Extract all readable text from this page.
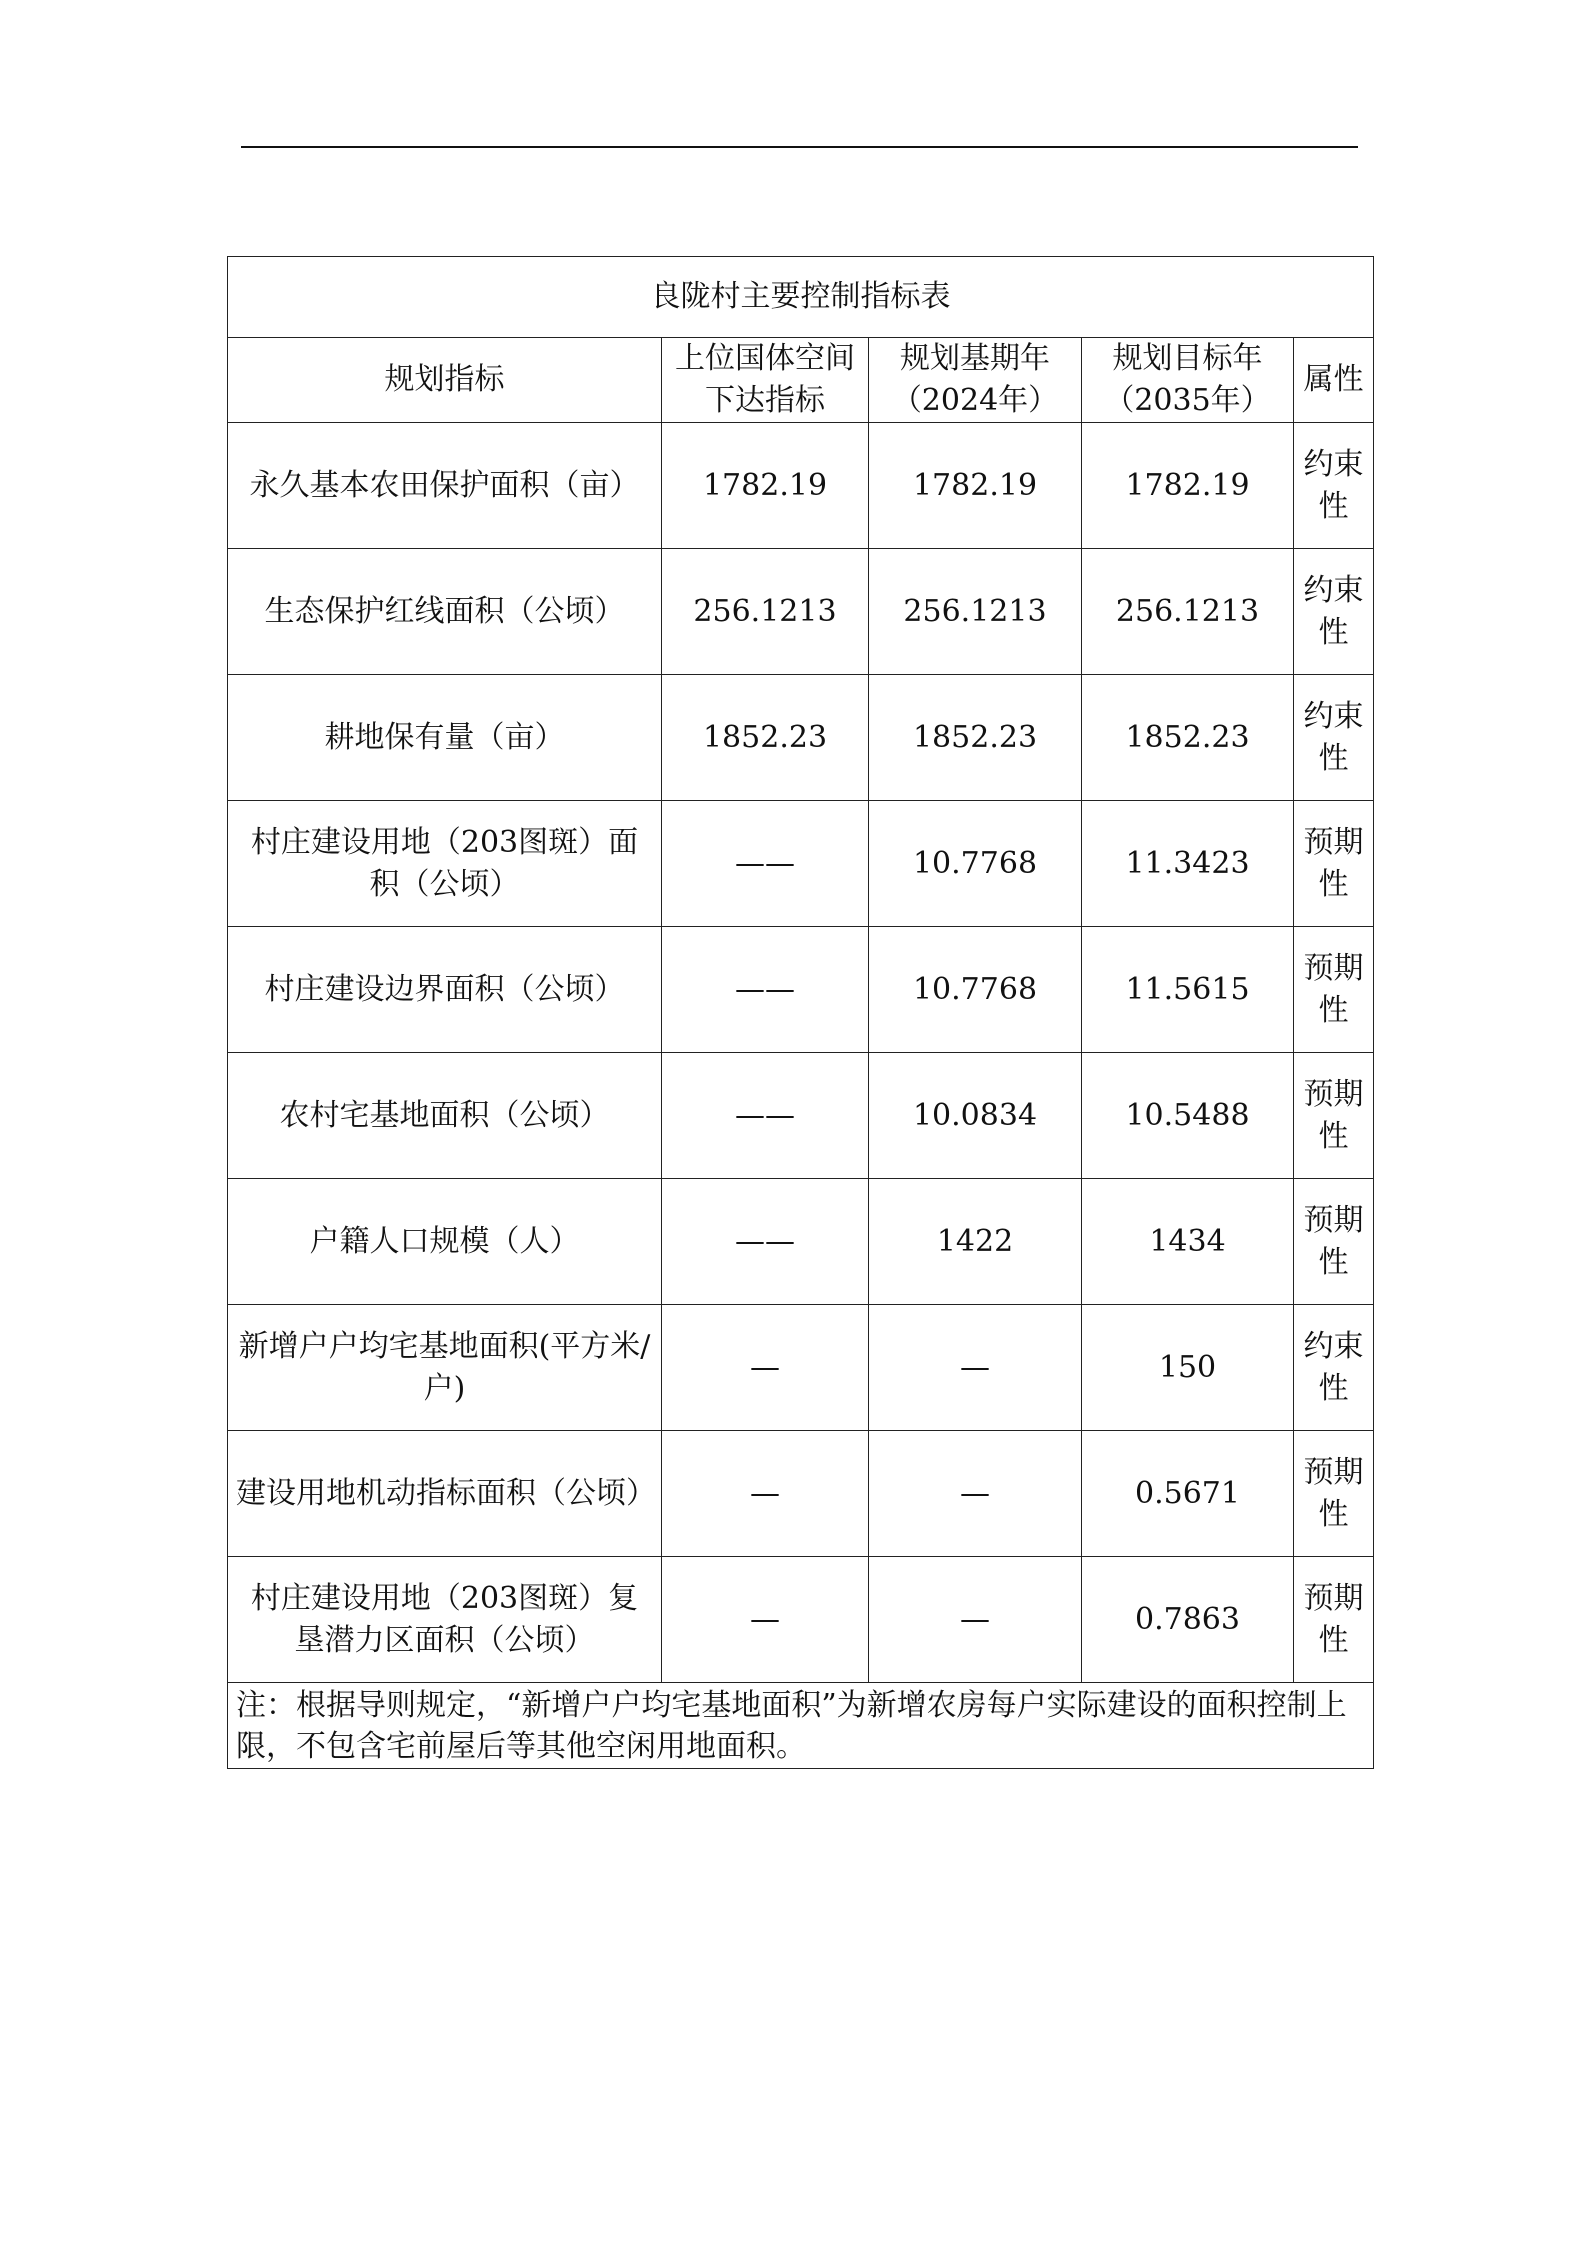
良陇村主要控制指标表				
规划指标	上位国体空间下达指标	规划基期年（2024年）	规划目标年（2035年）	属性
永久基本农田保护面积（亩）	1782.19	1782.19	1782.19	约束性
生态保护红线面积（公顷）	256.1213	256.1213	256.1213	约束性
耕地保有量（亩）	1852.23	1852.23	1852.23	约束性
村庄建设用地（203图斑）面积（公顷）	——	10.7768	11.3423	预期性
村庄建设边界面积（公顷）	——	10.7768	11.5615	预期性
农村宅基地面积（公顷）	——	10.0834	10.5488	预期性
户籍人口规模（人）	——	1422	1434	预期性
新增户户均宅基地面积(平方米/户)	—	—	150	约束性
建设用地机动指标面积（公顷）	—	—	0.5671	预期性
村庄建设用地（203图斑）复垦潜力区面积（公顷）	—	—	0.7863	预期性
注：根据导则规定，“新增户户均宅基地面积”为新增农房每户实际建设的面积控制上限，不包含宅前屋后等其他空闲用地面积。				
